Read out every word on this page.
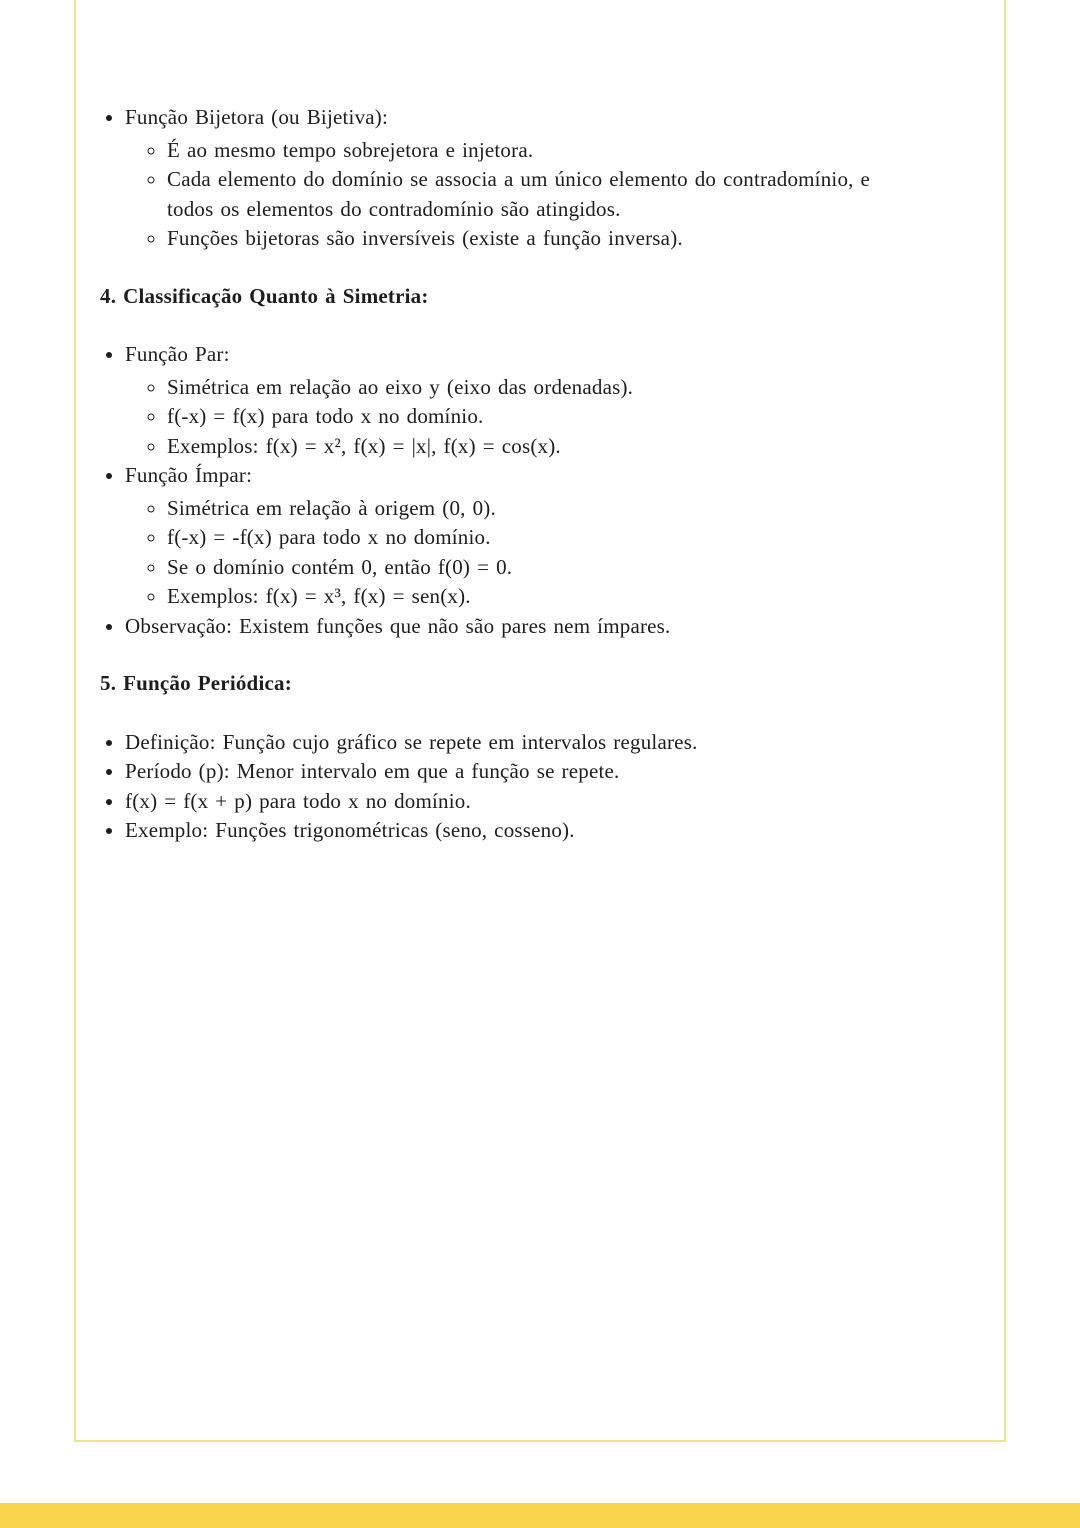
• Função Bijetora (ou Bijetiva):
◦ É ao mesmo tempo sobrejetora e injetora.
◦ Cada elemento do domínio se associa a um único elemento do contradomínio, e todos os elementos do contradomínio são atingidos.
◦ Funções bijetoras são inversíveis (existe a função inversa).
4. Classificação Quanto à Simetria:
• Função Par:
◦ Simétrica em relação ao eixo y (eixo das ordenadas).
◦ f(-x) = f(x) para todo x no domínio.
◦ Exemplos: f(x) = x², f(x) = |x|, f(x) = cos(x).
• Função Ímpar:
◦ Simétrica em relação à origem (0, 0).
◦ f(-x) = -f(x) para todo x no domínio.
◦ Se o domínio contém 0, então f(0) = 0.
◦ Exemplos: f(x) = x³, f(x) = sen(x).
• Observação: Existem funções que não são pares nem ímpares.
5. Função Periódica:
• Definição: Função cujo gráfico se repete em intervalos regulares.
• Período (p): Menor intervalo em que a função se repete.
• f(x) = f(x + p) para todo x no domínio.
• Exemplo: Funções trigonométricas (seno, cosseno).
